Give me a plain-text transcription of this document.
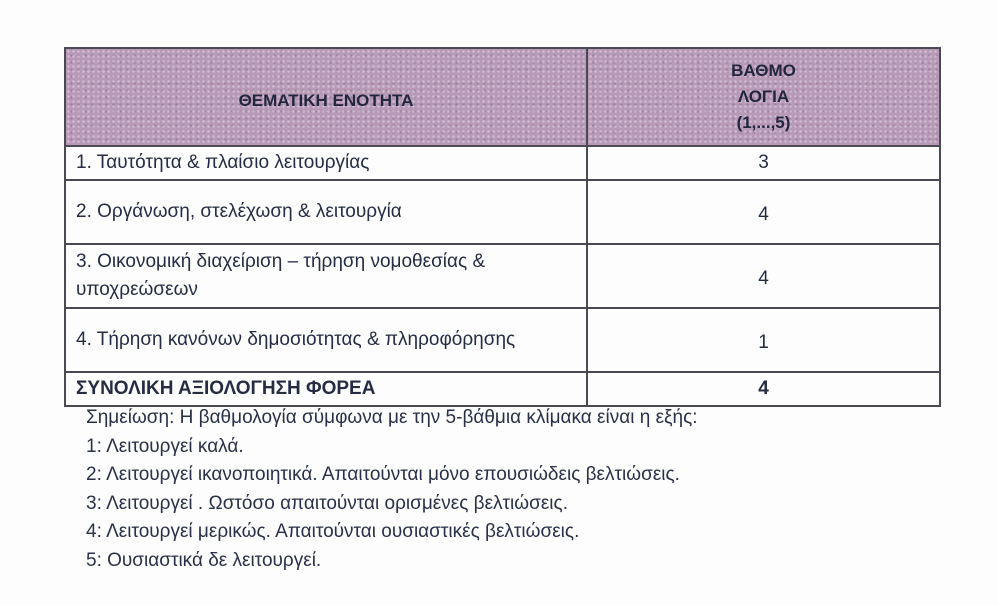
ΘΕΜΑΤΙΚΗ ΕΝΟΤΗΤΑ	ΒΑΘΜΟ
ΛΟΓΙΑ
(1,...,5)

1. Ταυτότητα & πλαίσιο λειτουργίας	3

2. Οργάνωση, στελέχωση & λειτουργία	4

3. Οικονομική διαχείριση – τήρηση νομοθεσίας & υποχρεώσεων	4

4. Τήρηση κανόνων δημοσιότητας & πληροφόρησης	1
ΣΥΝΟΛΙΚΗ ΑΞΙΟΛΟΓΗΣΗ ΦΟΡΕΑ	4
Σημείωση: Η βαθμολογία σύμφωνα με την 5-βάθμια κλίμακα είναι η εξής:
1: Λειτουργεί καλά.
2: Λειτουργεί ικανοποιητικά. Απαιτούνται μόνο επουσιώδεις βελτιώσεις.
3: Λειτουργεί . Ωστόσο απαιτούνται ορισμένες βελτιώσεις.
4: Λειτουργεί μερικώς. Απαιτούνται ουσιαστικές βελτιώσεις.
5: Ουσιαστικά δε λειτουργεί.
